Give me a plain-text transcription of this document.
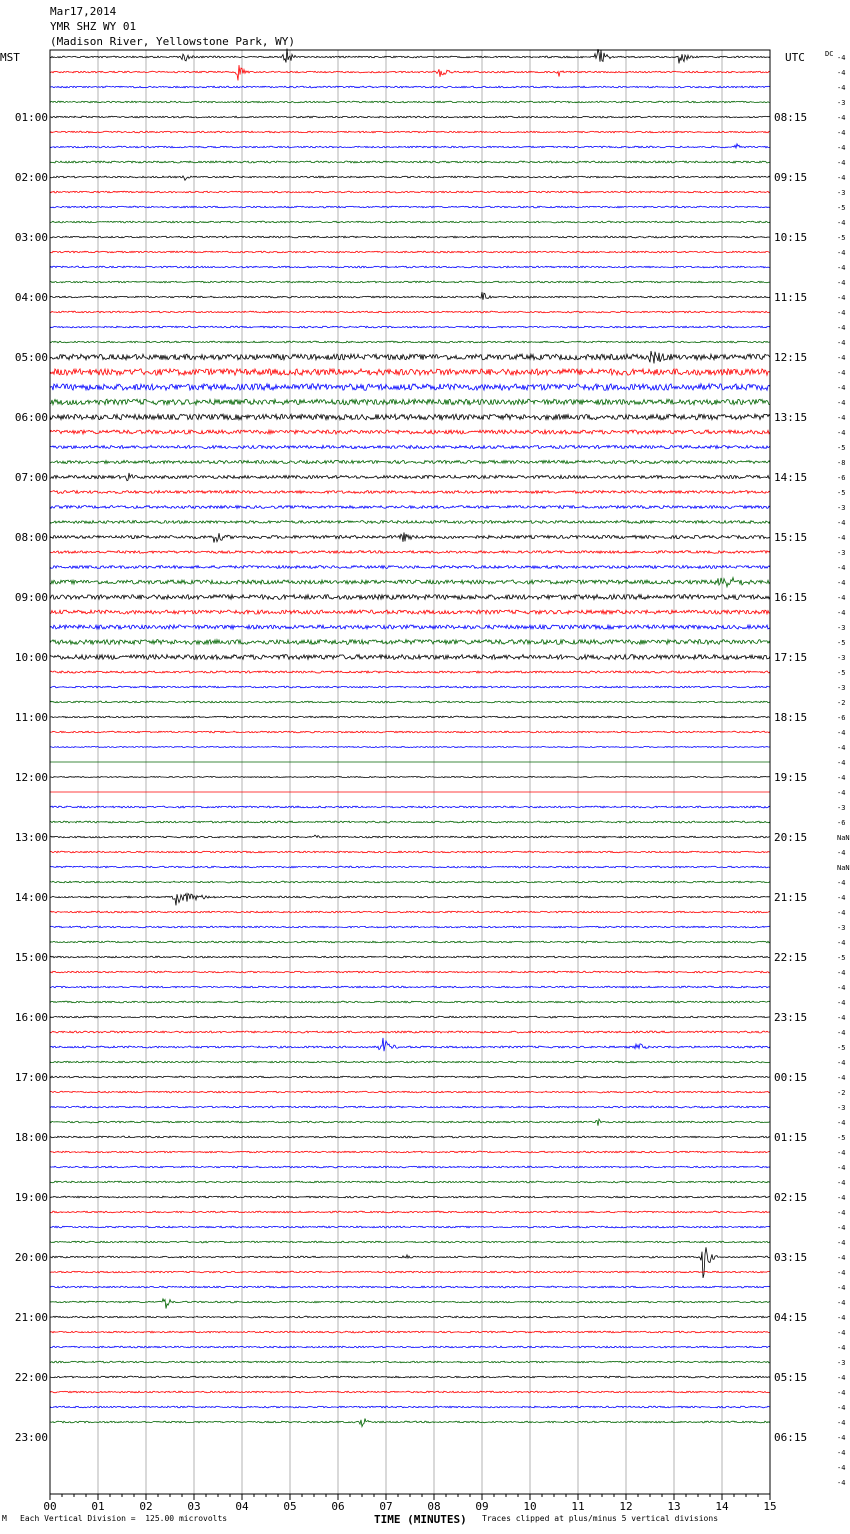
Mar17,2014
YMR SHZ WY 01
(Madison River, Yellowstone Park, WY)
MST	UTC
00	01	02	03	04	05	06	07	08	09	10	11	12	13	14	15
-4
-4
-4
-3
-4
-4
-4
-4
-4
-3
-5
-4
-5
-4
-4
-4
-4
-4
-4
-4
-4
-4
-4
-4
-4
-4
-5
-8
-6
-5
-3
-4
-4
-3
-4
-4
-4
-4
-3
-5
-3
-5
-3
-2
-6
-4
-4
-4
-4
-4
-3
-6
NaN
-4
NaN
-4
-4
-4
-3
-4
-5
-4
-4
-4
-4
-4
-5
-4
-4
-2
-3
-4
-5
-4
-4
-4
-4
-4
-4
-4
-4
-4
-4
-4
-4
-4
-4
-3
-4
-4
-4
-4
-4
-4
-4
-4
DC
01:00	08:15
02:00	09:15
03:00	10:15
04:00	11:15
05:00	12:15
06:00	13:15
07:00	14:15
08:00	15:15
09:00	16:15
10:00	17:15
11:00	18:15
12:00	19:15
13:00	20:15
14:00	21:15
15:00	22:15
16:00	23:15
17:00	00:15
18:00	01:15
19:00	02:15
20:00	03:15
21:00	04:15
22:00	05:15
23:00	06:15
TIME (MINUTES)
M Each Vertical Division =  125.00 microvolts	Traces clipped at plus/minus 5 vertical divisions
